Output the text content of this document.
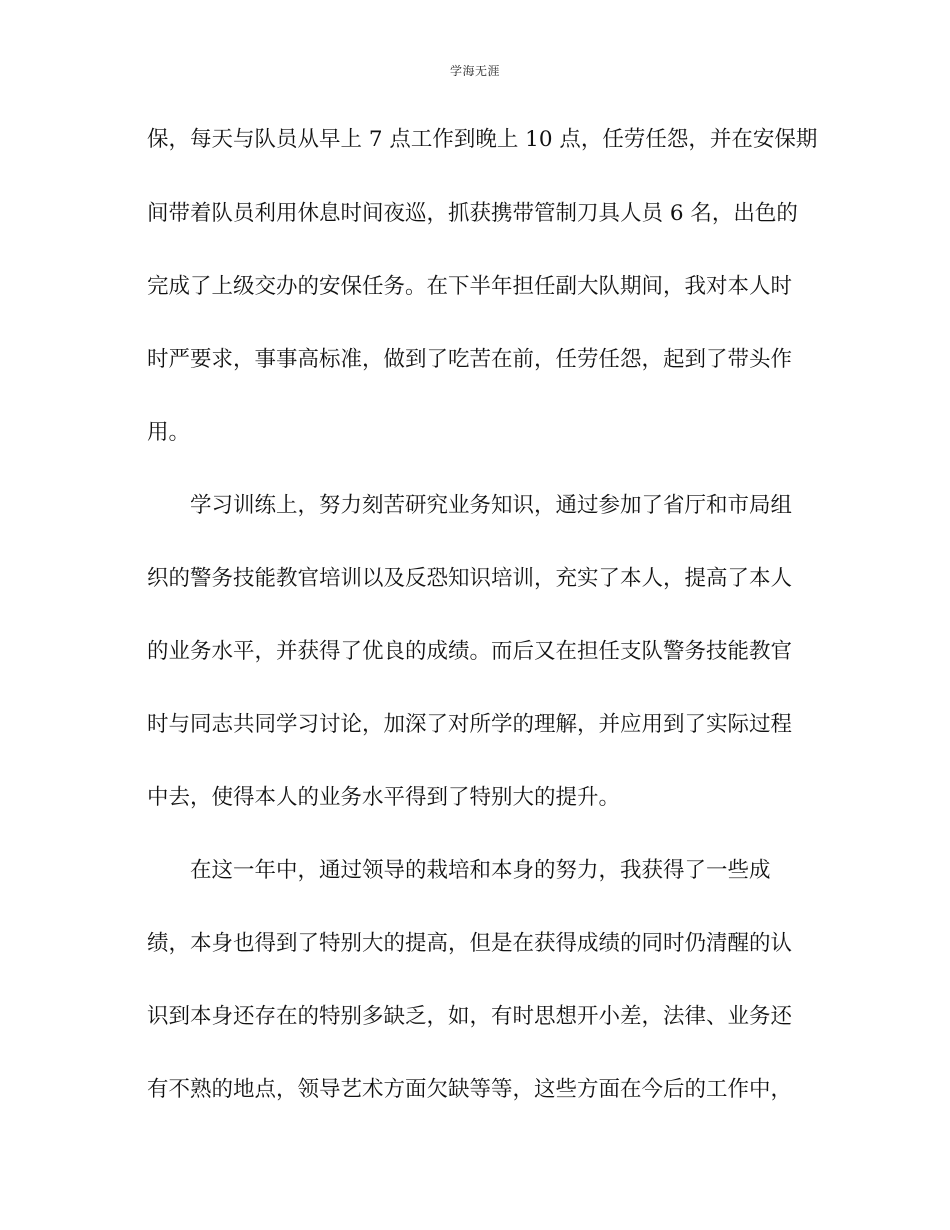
学海无涯
保，每天与队员从早上 7 点工作到晚上 10 点，任劳任怨，并在安保期
间带着队员利用休息时间夜巡，抓获携带管制刀具人员 6 名，出色的
完成了上级交办的安保任务。在下半年担任副大队期间，我对本人时
时严要求，事事高标准，做到了吃苦在前，任劳任怨，起到了带头作
用。
学习训练上，努力刻苦研究业务知识，通过参加了省厅和市局组
织的警务技能教官培训以及反恐知识培训，充实了本人，提高了本人
的业务水平，并获得了优良的成绩。而后又在担任支队警务技能教官
时与同志共同学习讨论，加深了对所学的理解，并应用到了实际过程
中去，使得本人的业务水平得到了特别大的提升。
在这一年中，通过领导的栽培和本身的努力，我获得了一些成
绩，本身也得到了特别大的提高，但是在获得成绩的同时仍清醒的认
识到本身还存在的特别多缺乏，如，有时思想开小差，法律、业务还
有不熟的地点，领导艺术方面欠缺等等，这些方面在今后的工作中，
